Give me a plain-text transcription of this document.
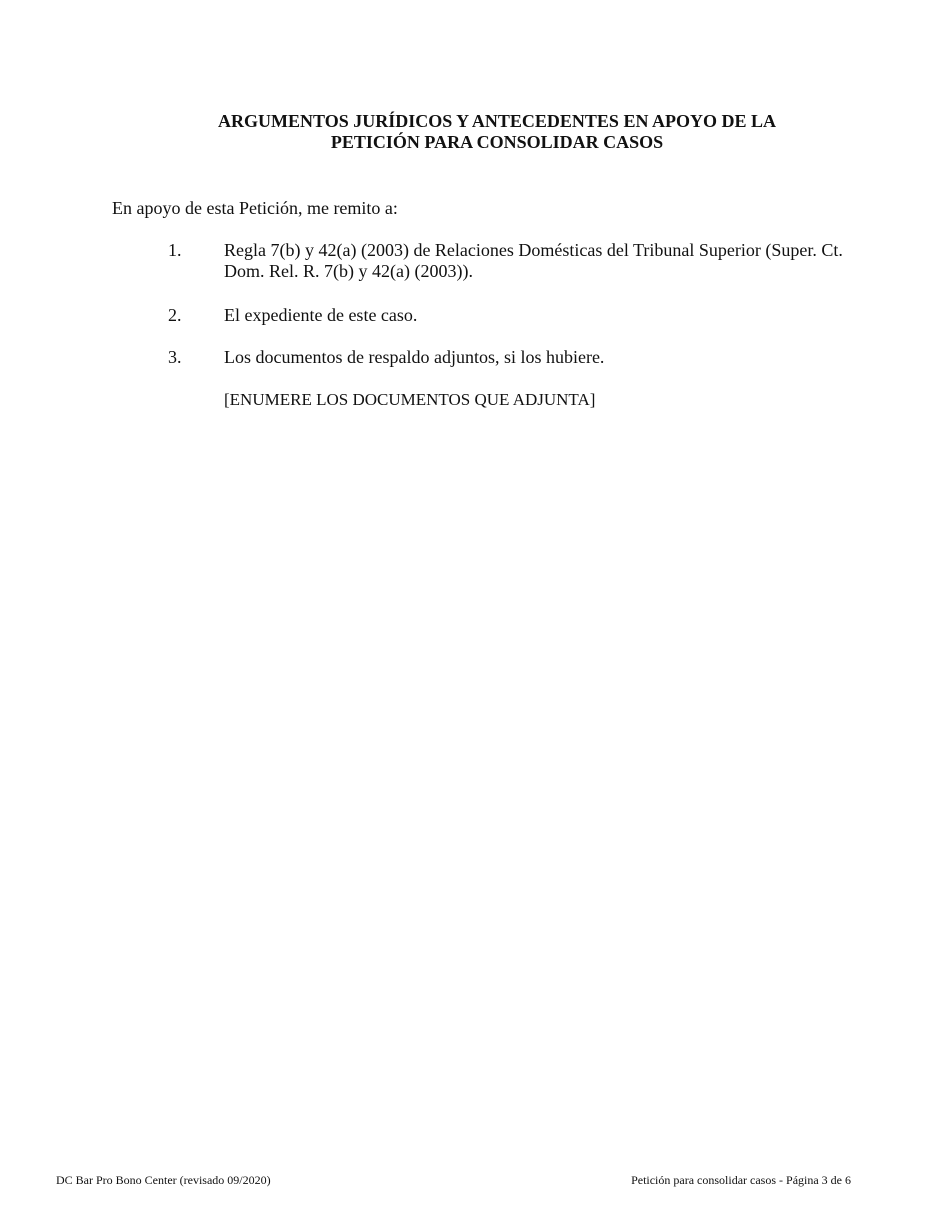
ARGUMENTOS JURÍDICOS Y ANTECEDENTES EN APOYO DE LA
PETICIÓN PARA CONSOLIDAR CASOS

En apoyo de esta Petición, me remito a:

1. Regla 7(b) y 42(a) (2003) de Relaciones Domésticas del Tribunal Superior (Super. Ct. Dom. Rel. R. 7(b) y 42(a) (2003)).
2. El expediente de este caso.
3. Los documentos de respaldo adjuntos, si los hubiere.
[ENUMERE LOS DOCUMENTOS QUE ADJUNTA]
DC Bar Pro Bono Center (revisado 09/2020)	Petición para consolidar casos - Página 3 de 6
